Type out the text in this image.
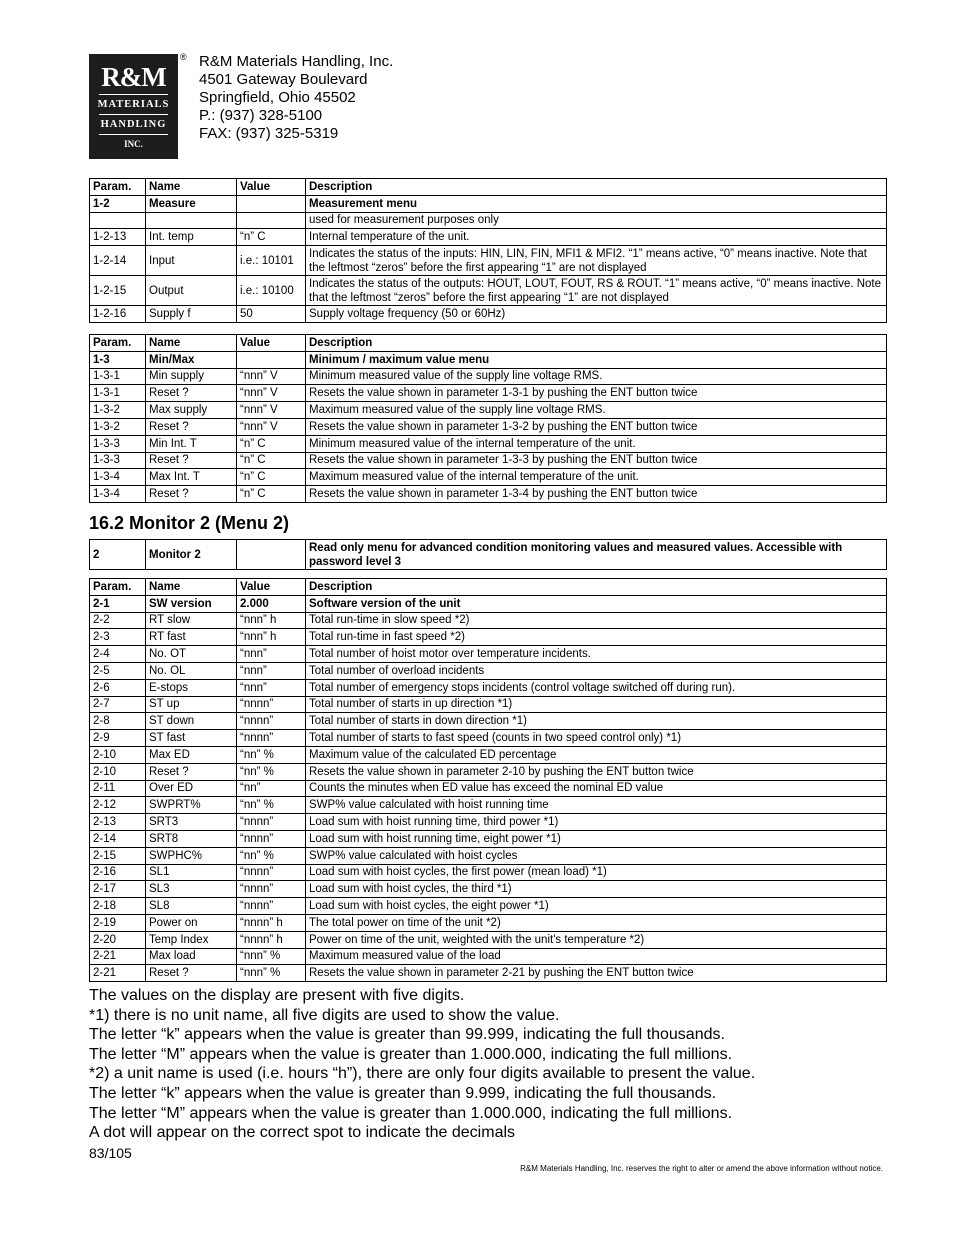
R&M
MATERIALS
HANDLING
INC.
® R&M Materials Handling, Inc.
4501 Gateway Boulevard
Springfield, Ohio 45502
P.: (937) 328-5100
FAX: (937) 325-5319
Param.	Name	Value	Description
1-2	Measure		Measurement menu
			used for measurement purposes only
1-2-13	Int. temp	“n” C	Internal temperature of the unit.
1-2-14	Input	i.e.: 10101	Indicates the status of the inputs: HIN, LIN, FIN, MFI1 & MFI2. “1” means active, “0” means inactive. Note that the leftmost “zeros” before the first appearing “1” are not displayed
1-2-15	Output	i.e.: 10100	Indicates the status of the outputs: HOUT, LOUT, FOUT, RS & ROUT. “1” means active, “0” means inactive. Note that the leftmost “zeros” before the first appearing “1” are not displayed
1-2-16	Supply f	50	Supply voltage frequency (50 or 60Hz)
Param.	Name	Value	Description
1-3	Min/Max		Minimum / maximum value menu
1-3-1	Min supply	“nnn” V	Minimum measured value of the supply line voltage RMS.
1-3-1	Reset ?	“nnn” V	Resets the value shown in parameter 1-3-1 by pushing the ENT button twice
1-3-2	Max supply	“nnn” V	Maximum measured value of the supply line voltage RMS.
1-3-2	Reset ?	“nnn” V	Resets the value shown in parameter 1-3-2 by pushing the ENT button twice
1-3-3	Min Int. T	“n” C	Minimum measured value of the internal temperature of the unit.
1-3-3	Reset ?	“n” C	Resets the value shown in parameter 1-3-3 by pushing the ENT button twice
1-3-4	Max Int. T	“n” C	Maximum measured value of the internal temperature of the unit.
1-3-4	Reset ?	“n” C	Resets the value shown in parameter 1-3-4 by pushing the ENT button twice
16.2 Monitor 2 (Menu 2)
2	Monitor 2		Read only menu for advanced condition monitoring values and measured values. Accessible with password level 3
Param.	Name	Value	Description
2-1	SW version	2.000	Software version of the unit
2-2	RT slow	“nnn” h	Total run-time in slow speed *2)
2-3	RT fast	“nnn” h	Total run-time in fast speed *2)
2-4	No. OT	“nnn”	Total number of hoist motor over temperature incidents.
2-5	No. OL	“nnn”	Total number of overload incidents
2-6	E-stops	“nnn”	Total number of emergency stops incidents (control voltage switched off during run).
2-7	ST up	“nnnn”	Total number of starts in up direction *1)
2-8	ST down	“nnnn”	Total number of starts in down direction *1)
2-9	ST fast	“nnnn”	Total number of starts to fast speed (counts in two speed control only) *1)
2-10	Max ED	“nn” %	Maximum value of the calculated ED percentage
2-10	Reset ?	“nn” %	Resets the value shown in parameter 2-10 by pushing the ENT button twice
2-11	Over ED	“nn”	Counts the minutes when ED value has exceed the nominal ED value
2-12	SWPRT%	“nn” %	SWP% value calculated with hoist running time
2-13	SRT3	“nnnn”	Load sum with hoist running time, third power *1)
2-14	SRT8	“nnnn”	Load sum with hoist running time, eight power *1)
2-15	SWPHC%	“nn” %	SWP% value calculated with hoist cycles
2-16	SL1	“nnnn”	Load sum with hoist cycles, the first power (mean load) *1)
2-17	SL3	“nnnn”	Load sum with hoist cycles, the third *1)
2-18	SL8	“nnnn”	Load sum with hoist cycles, the eight power *1)
2-19	Power on	“nnnn” h	The total power on time of the unit *2)
2-20	Temp Index	“nnnn” h	Power on time of the unit, weighted with the unit's temperature *2)
2-21	Max load	“nnn” %	Maximum measured value of the load
2-21	Reset ?	“nnn” %	Resets the value shown in parameter 2-21 by pushing the ENT button twice
The values on the display are present with five digits.
*1) there is no unit name, all five digits are used to show the value.
The letter “k” appears when the value is greater than 99.999, indicating the full thousands.
The letter “M” appears when the value is greater than 1.000.000, indicating the full millions.
*2) a unit name is used (i.e. hours “h”), there are only four digits available to present the value.
The letter “k” appears when the value is greater than 9.999, indicating the full thousands.
The letter “M” appears when the value is greater than 1.000.000, indicating the full millions.
A dot will appear on the correct spot to indicate the decimals
83/105
R&M Materials Handling, Inc. reserves the right to alter or amend the above information without notice.
